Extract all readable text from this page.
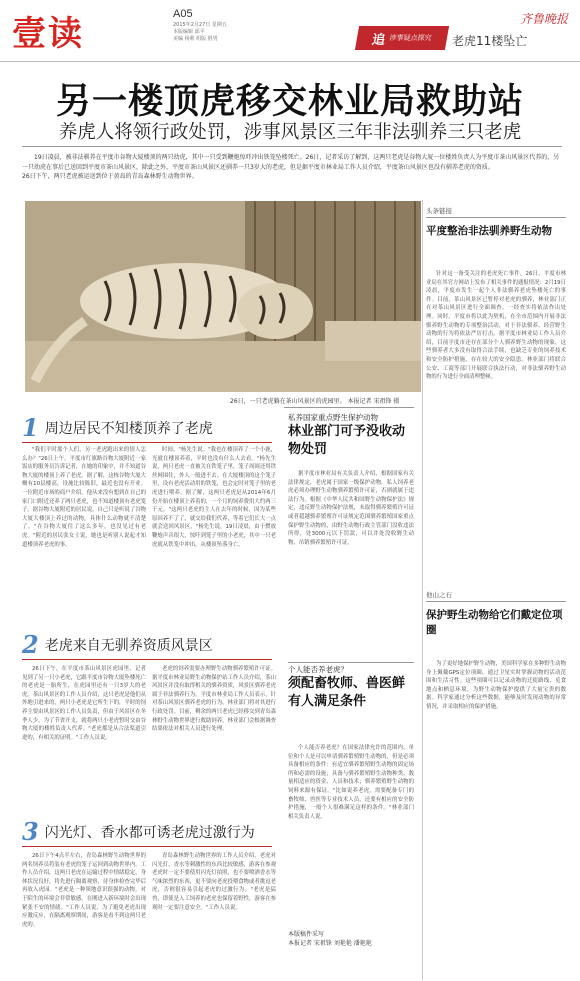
壹读	A05
2015年2月27日 星期五
本版编辑 邱平
美编 杨莉 组版 胜男	追 涉事疑点探究 老虎11楼坠亡
齐鲁晚报
另一楼顶虎移交林业局救助站
养虎人将领行政处罚，涉事风景区三年非法驯养三只老虎
19日凌晨，被非法驯养在平度市谷物大厦楼顶的两只幼虎，其中一只受到鞭炮惊吓冲出铁笼坠楼死亡。26日，记者采访了解到，这两只老虎是谷物大厦一位楼姓负责人为平度市茶山风景区代养的，另一只幼虎在事后已送回到平度市茶山风景区，除此之外，平度市茶山风景区还驯养一只3岁大的老虎，但是据平度市林业局工作人员介绍，平度茶山风景区也没有驯养老虎的资质。
26日下午，两只老虎被运送到位于黄岛的青岛森林野生动物世界。
26日，一只老虎躺在茶山风景区的虎园里。 本报记者 宋祖锋 摄
1 周边居民不知楼顶养了老虎
"我们平时那个人们，另一老虎跑出来的情人怎么办？"26日上午，平度市红旗路谷物大厦附近一家饭店的服务员告诉记者，在她的印象中，并不知道谷物大厦的楼顶上养了老虎。据了解，这栋谷物大厦大概有10层楼高，设施比较陈旧，最近也没有开业。一位附近市场的商户介绍，他从来没有想到在自己的家门口附近还养了两只老虎，也不知道楼顶有老虎笼子。据谷物大厦附近的居民说，自己只是听说了谷物大厦大楼顶上养过的动物，具体什么动物就不清楚了。"在谷物大厦住了这么多年，也没见过有老虎。"附近的居民张女士说，她也是听别人说起才知道楼顶养老虎的事。
时间。"杨先生说。"我也在楼顶养了一个小鹿，光就在楼顶养着，平时也没有什么人去看。"杨先生说，两只老虎一直被关在铁笼子里，笼子周围还用铁丝网围住，外人一般进不去。在大厦楼顶的这个笼子里，设有老虎活动用的铁笼，也会定时对笼子里的老虎进行喂养。据了解，这两只老虎是从2014年6月份开始在楼顶上养着的，一个月的饲养费用大约两三千元。"这两只老虎的主人在去年的时候，因为某些原因养不了了，就交给我们代养，等着它们长大一点就会送回风景区。"杨先生说，19日凌晨，由于燃放鞭炮声音很大，惊吓到笼子里的小老虎，其中一只老虎就从铁笼中冲出，从楼顶坠落身亡。
2 老虎来自无驯养资质风景区
26日下午，在平度市茶山风景区虎园里，记者见到了另一只小老虎，它跟平度市谷物大厦坠楼死亡的老虎是一胎所生，在虎园里还有一只3岁大的老虎。茶山风景区的工作人员介绍，这只老虎是他们从外地引进来的，两只小老虎是它所生下的，平时的饲养主要由风景区的工作人员负责，但由于风景区在冬季人少，为了节省开支，就将两只小老虎暂时交由谷物大厦的楼姓负责人代养。"老虎都是从合法渠道引进的，有相关的证明。"工作人员说。
老虎的饲养需要办理野生动物驯养繁殖许可证。据平度市林业局野生动物保护站工作人员介绍，茶山风景区并没有取得相关的驯养资质，风景区驯养老虎属于非法驯养行为。平度市林业局工作人员表示，针对茶山风景区驯养老虎的行为，林业部门将对其进行行政处罚。目前，剩余的两只老虎已经移交到青岛森林野生动物世界进行救助饲养，林业部门会根据调查结果依法对相关人员进行处理。
3 闪光灯、香水都可诱老虎过激行为
26日下午4点半左右，青岛森林野生动物世界的两名饲养员将装有老虎的笼子运回到动物世界内。工作人员介绍，这两只老虎在运输过程中情绪稳定，身体状况良好，将先进行隔离观察，待身体检查完毕后再放入虎园。"老虎是一种领地意识很强的动物，对于陌生的环境会非常敏感，在刚进入新环境时会出现紧张不安的情绪。"工作人员说，为了避免老虎出现应激反应，在隔离观察期间，游客是看不到这两只老虎的。
青岛森林野生动物世界的工作人员介绍，老虎对闪光灯、香水等刺激性的东西比较敏感，游客在参观老虎时一定不要使用闪光灯拍照，也不要喷洒香水等气味浓烈的东西，更不要向老虎投喂食物或者挑逗老虎，否则很容易引起老虎的过激行为。"老虎是猛兽，即使是人工饲养的老虎也保留着野性，游客在参观时一定要注意安全。"工作人员说。
私养国家重点野生保护动物
林业部门可予没收动物处罚
据平度市林业局有关负责人介绍，根据国家有关法律规定，老虎属于国家一级保护动物，私人饲养老虎必须办理野生动物驯养繁殖许可证，否则就属于违法行为。根据《中华人民共和国野生动物保护法》规定，违反野生动物保护法规，未取得驯养繁殖许可证或者超越驯养繁殖许可证规定范围驯养繁殖国家重点保护野生动物的，由野生动物行政主管部门没收违法所得，处3000元以下罚款，可以并处没收野生动物、吊销驯养繁殖许可证。
个人能否养老虎？
须配畜牧师、兽医鲜有人满足条件
个人能否养老虎？在国家法律允许的范围内，单位和个人是可以申请驯养繁殖野生动物的，但是必须具备相应的条件：有适宜驯养繁殖野生动物的固定场所和必需的设施；具备与驯养繁殖野生动物种类、数量相适应的资金、人员和技术；驯养繁殖野生动物的饲料来源有保证。"比如说养老虎，需要配备专门的畜牧师、兽医等专业技术人员，还要有相应的安全防护措施，一般个人很难满足这样的条件。"林业部门相关负责人说。
本版稿件采写
本报记者 宋祖锋 刘艳艳 潘艳艳
头条链接
平度整治非法驯养野生动物
针对这一备受关注的老虎死亡事件，26日，平度市林业局在其官方网站上发布了相关事件的通报情况：2月19日凌晨，平度市发生一起个人非法驯养老虎坠楼死亡的事件。目前，茶山风景区已暂停对老虎的驯养，林业部门正在对茶山风景区进行全面调查，一经查实将依法作出处理。同时，平度市将以此为契机，在全市范围内开展非法驯养野生动物的专项整治活动，对于非法驯养、经营野生动物的行为将依法严厉打击。据平度市林业局工作人员介绍，目前平度市还存在部分个人驯养野生动物的现象，这些驯养者大多没有取得合法手续，也缺乏专业的饲养技术和安全防护措施，存在较大的安全隐患。林业部门将联合公安、工商等部门开展联合执法行动，对非法驯养野生动物的行为进行全面清理整顿。
他山之石
保护野生动物给它们戴定位项圈
为了更好地保护野生动物，美国科学家在多种野生动物身上佩戴GPS定位项圈，通过卫星实时掌握动物的活动范围和生活习性。这些项圈可以记录动物的迁徙路线、觅食地点和栖息环境，为野生动物保护提供了大量宝贵的数据。科学家通过分析这些数据，能够及时发现动物的异常情况，并采取相应的保护措施。
